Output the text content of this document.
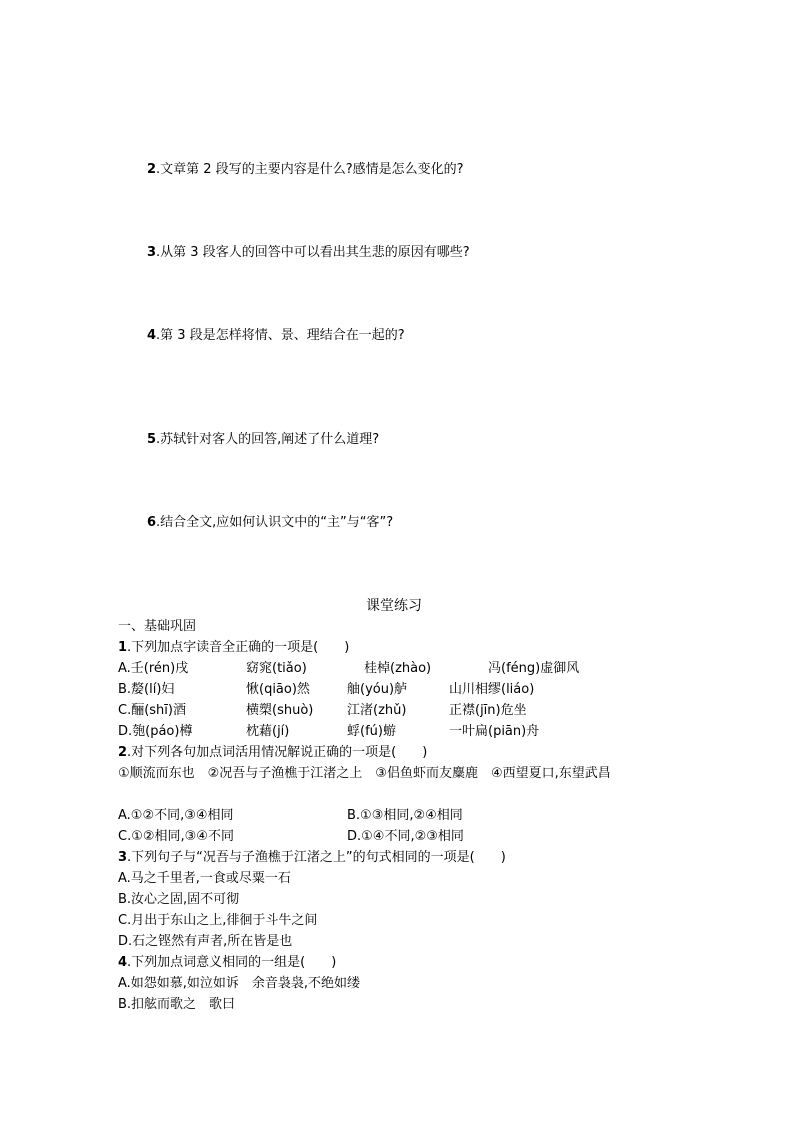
2.文章第 2 段写的主要内容是什么?感情是怎么变化的?
3.从第 3 段客人的回答中可以看出其生悲的原因有哪些?
4.第 3 段是怎样将情、景、理结合在一起的?
5.苏轼针对客人的回答,阐述了什么道理?
6.结合全文,应如何认识文中的“主”与“客”?
课堂练习
一、基础巩固
1.下列加点字读音全正确的一项是(　　)
A.壬(rén)戌	窈窕(tiǎo)	桂棹(zhào)	冯(féng)虚御风
B.嫠(lí)妇	愀(qiāo)然	舳(yóu)舻	山川相缪(liáo)
C.酾(shī)酒	横槊(shuò)	江渚(zhǔ)	正襟(jīn)危坐
D.匏(páo)樽	枕藉(jí)	蜉(fú)蝣	一叶扁(piān)舟
2.对下列各句加点词活用情况解说正确的一项是(　　)
①顺流而东也　②况吾与子渔樵于江渚之上　③侣鱼虾而友麋鹿　④西望夏口,东望武昌
A.①②不同,③④相同	B.①③相同,②④相同
C.①②相同,③④不同	D.①④不同,②③相同
3.下列句子与“况吾与子渔樵于江渚之上”的句式相同的一项是(　　)
A.马之千里者,一食或尽粟一石
B.汝心之固,固不可彻
C.月出于东山之上,徘徊于斗牛之间
D.石之铿然有声者,所在皆是也
4.下列加点词意义相同的一组是(　　)
A.如怨如慕,如泣如诉　余音袅袅,不绝如缕
B.扣舷而歌之　歌曰
